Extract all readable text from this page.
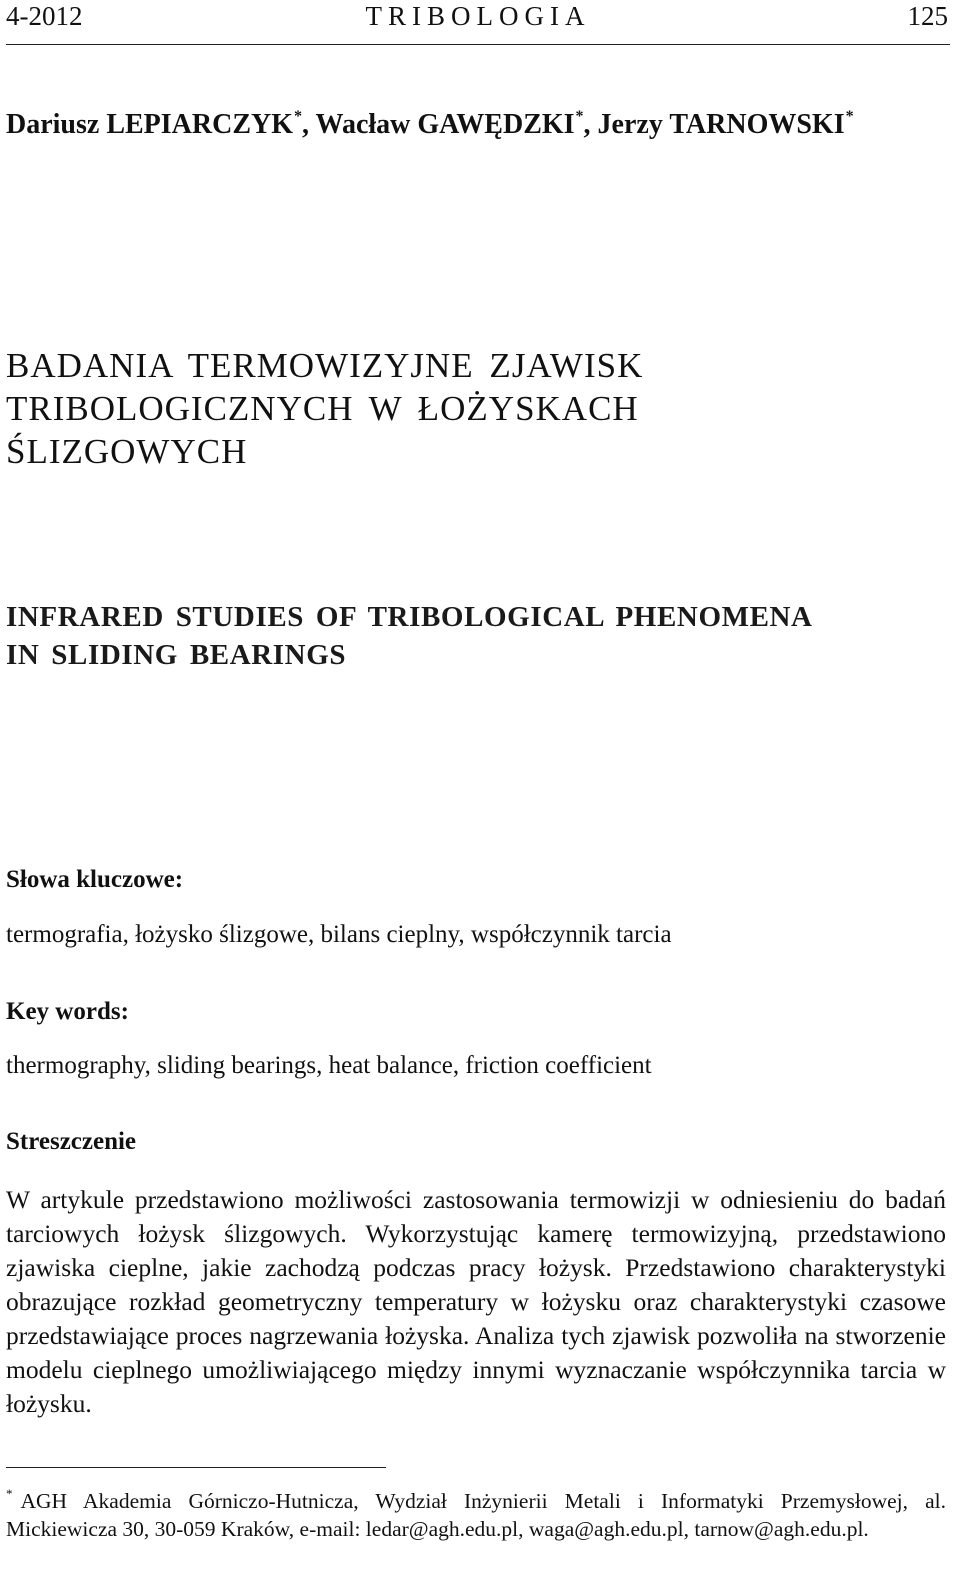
4-2012	TRIBOLOGIA	125
Dariusz LEPIARCZYK*, Wacław GAWĘDZKI*, Jerzy TARNOWSKI*
BADANIA TERMOWIZYJNE ZJAWISK
TRIBOLOGICZNYCH W ŁOŻYSKACH
ŚLIZGOWYCH
INFRARED STUDIES OF TRIBOLOGICAL PHENOMENA
IN SLIDING BEARINGS
Słowa kluczowe:
termografia, łożysko ślizgowe, bilans cieplny, współczynnik tarcia
Key words:
thermography, sliding bearings, heat balance, friction coefficient
Streszczenie

W artykule przedstawiono możliwości zastosowania termowizji w odniesieniu do badań tarciowych łożysk ślizgowych. Wykorzystując kamerę termowizyjną, przedstawiono zjawiska cieplne, jakie zachodzą podczas pracy łożysk. Przedstawiono charakterystyki obrazujące rozkład geometryczny temperatury w łożysku oraz charakterystyki czasowe przedstawiające proces nagrzewania łożyska. Analiza tych zjawisk pozwoliła na stworzenie modelu cieplnego umożliwiającego między innymi wyznaczanie współczynnika tarcia w łożysku.

* AGH Akademia Górniczo-Hutnicza, Wydział Inżynierii Metali i Informatyki Przemysłowej, al. Mickiewicza 30, 30-059 Kraków, e-mail: ledar@agh.edu.pl, waga@agh.edu.pl, tarnow@agh.edu.pl.
